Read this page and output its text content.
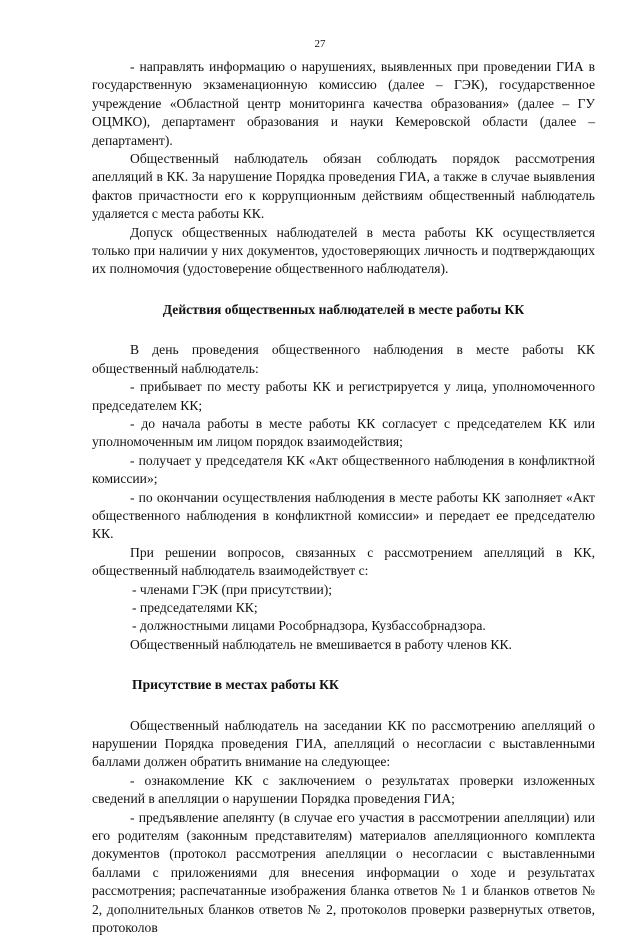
27

- направлять информацию о нарушениях, выявленных при проведении ГИА в государственную экзаменационную комиссию (далее – ГЭК), государственное учреждение «Областной центр мониторинга качества образования» (далее – ГУ ОЦМКО), департамент образования и науки Кемеровской области (далее – департамент).

Общественный наблюдатель обязан соблюдать порядок рассмотрения апелляций в КК. За нарушение Порядка проведения ГИА, а также в случае выявления фактов причастности его к коррупционным действиям общественный наблюдатель удаляется с места работы КК.

Допуск общественных наблюдателей в места работы КК осуществляется только при наличии у них документов, удостоверяющих личность и подтверждающих их полномочия (удостоверение общественного наблюдателя).

Действия общественных наблюдателей в месте работы КК

В день проведения общественного наблюдения в месте работы КК общественный наблюдатель:

- прибывает по месту работы КК и регистрируется у лица, уполномоченного председателем КК;

- до начала работы в месте работы КК согласует с председателем КК или уполномоченным им лицом порядок взаимодействия;

- получает у председателя КК «Акт общественного наблюдения в конфликтной комиссии»;

- по окончании осуществления наблюдения в месте работы КК заполняет «Акт общественного наблюдения в конфликтной комиссии» и передает ее председателю КК.

При решении вопросов, связанных с рассмотрением апелляций в КК, общественный наблюдатель взаимодействует с:

- членами ГЭК (при присутствии);

- председателями КК;

- должностными лицами Рособрнадзора, Кузбассобрнадзора.

Общественный наблюдатель не вмешивается в работу членов КК.

Присутствие в местах работы КК

Общественный наблюдатель на заседании КК по рассмотрению апелляций о нарушении Порядка проведения ГИА, апелляций о несогласии с выставленными баллами должен обратить внимание на следующее:

- ознакомление КК с заключением о результатах проверки изложенных сведений в апелляции о нарушении Порядка проведения ГИА;

- предъявление апелянту (в случае его участия в рассмотрении апелляции) или его родителям (законным представителям) материалов апелляционного комплекта документов (протокол рассмотрения апелляции о несогласии с выставленными баллами с приложениями для внесения информации о ходе и результатах рассмотрения; распечатанные изображения бланка ответов № 1 и бланков ответов № 2, дополнительных бланков ответов № 2, протоколов проверки развернутых ответов, протоколов
